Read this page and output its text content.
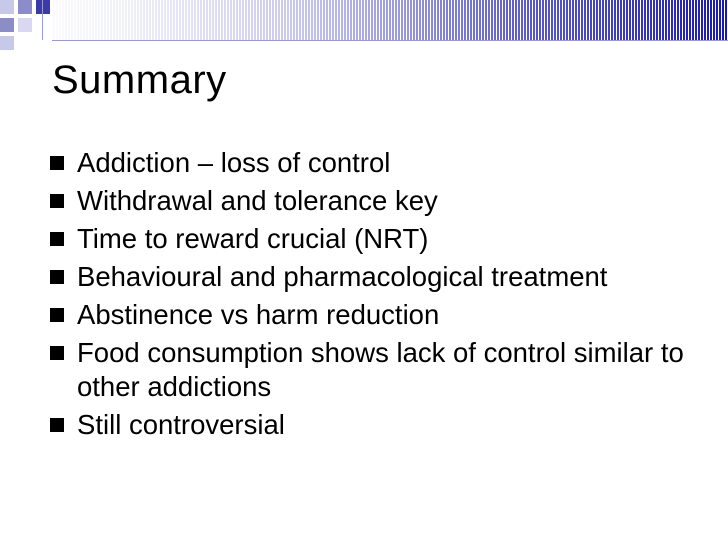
Summary
Addiction – loss of control
Withdrawal and tolerance key
Time to reward crucial (NRT)
Behavioural and pharmacological treatment
Abstinence vs harm reduction
Food consumption shows lack of control similar to other addictions
Still controversial
